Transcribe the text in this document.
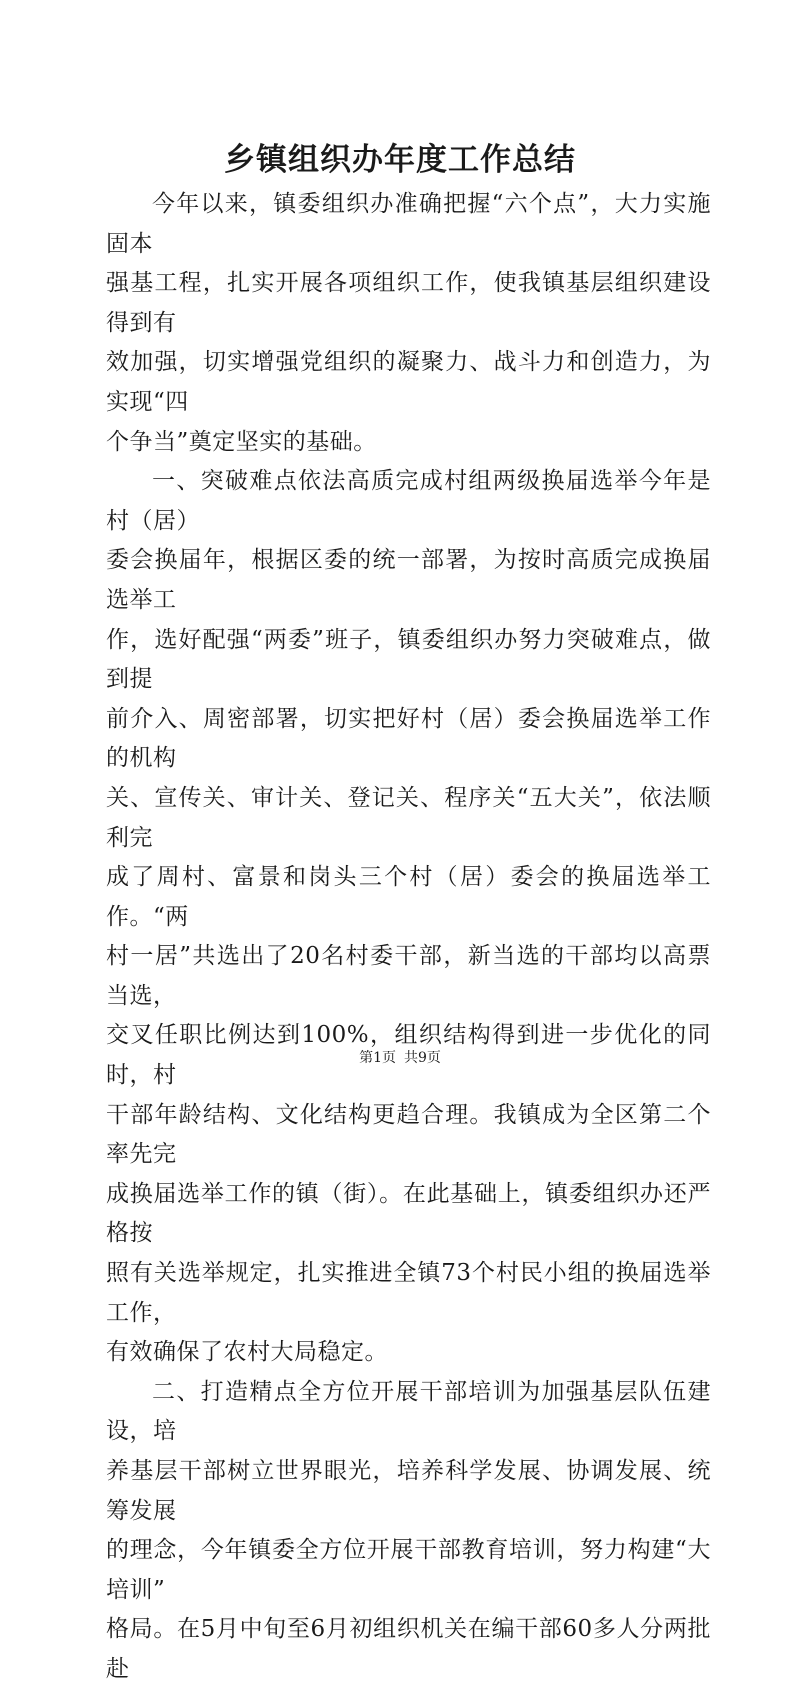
乡镇组织办年度工作总结

今年以来，镇委组织办准确把握“六个点”，大力实施固本
强基工程，扎实开展各项组织工作，使我镇基层组织建设得到有
效加强，切实增强党组织的凝聚力、战斗力和创造力，为实现“四
个争当”奠定坚实的基础。

一、突破难点依法高质完成村组两级换届选举今年是村（居）
委会换届年，根据区委的统一部署，为按时高质完成换届选举工
作，选好配强“两委”班子，镇委组织办努力突破难点，做到提
前介入、周密部署，切实把好村（居）委会换届选举工作的机构
关、宣传关、审计关、登记关、程序关“五大关”，依法顺利完
成了周村、富景和岗头三个村（居）委会的换届选举工作。“两
村一居”共选出了20名村委干部，新当选的干部均以高票当选，
交叉任职比例达到100%，组织结构得到进一步优化的同时，村
干部年龄结构、文化结构更趋合理。我镇成为全区第二个率先完
成换届选举工作的镇（街）。在此基础上，镇委组织办还严格按
照有关选举规定，扎实推进全镇73个村民小组的换届选举工作，
有效确保了农村大局稳定。

二、打造精点全方位开展干部培训为加强基层队伍建设，培
养基层干部树立世界眼光，培养科学发展、协调发展、统筹发展
的理念，今年镇委全方位开展干部教育培训，努力构建“大培训”
格局。在5月中旬至6月初组织机关在编干部60多人分两批赴

第1页 共9页
